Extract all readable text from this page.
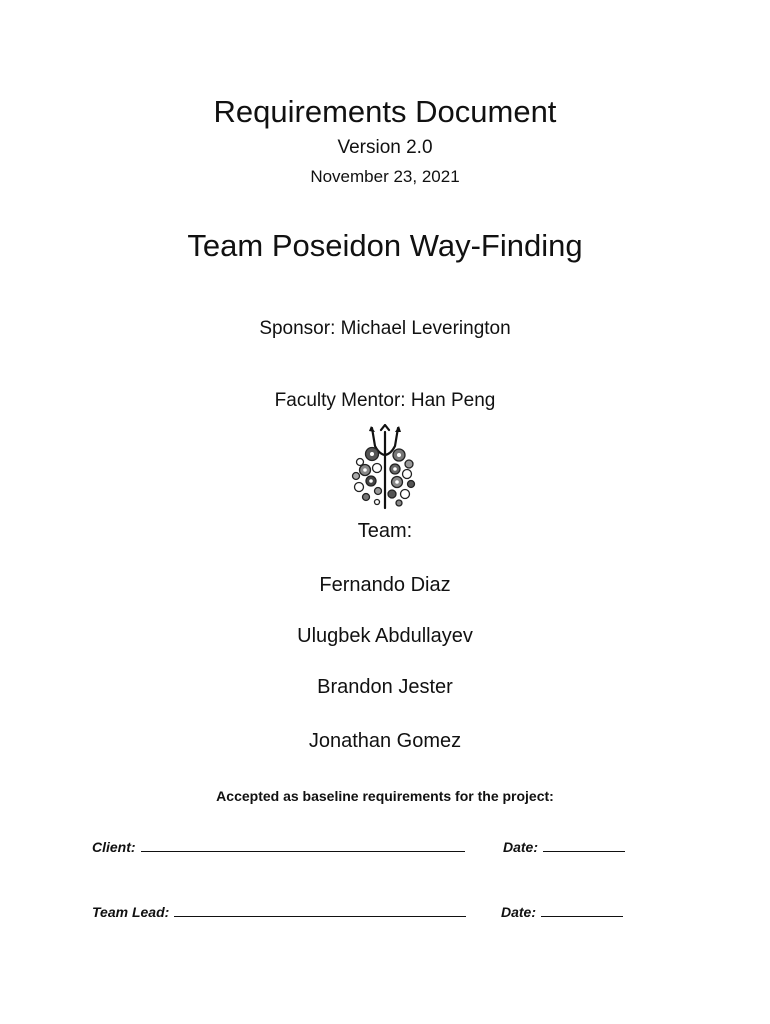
Requirements Document
Version 2.0
November 23, 2021
Team Poseidon Way-Finding
Sponsor: Michael Leverington
Faculty Mentor: Han Peng
Team:
Fernando Diaz
Ulugbek Abdullayev
Brandon Jester
Jonathan Gomez
Accepted as baseline requirements for the project:
Client:	Date:
Team Lead:	Date:
